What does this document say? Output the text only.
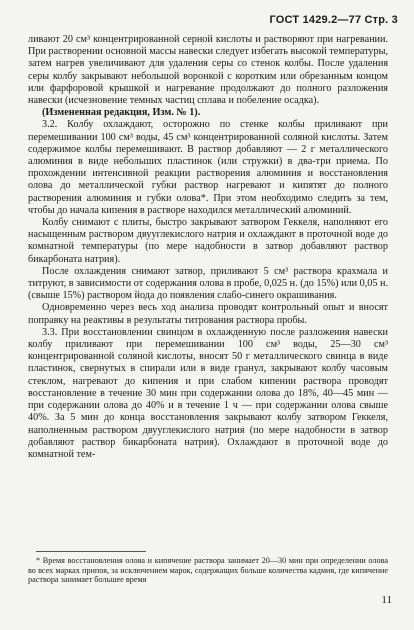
ГОСТ 1429.2—77 Стр. 3

ливают 20 см³ концентрированной серной кислоты и растворяют при нагревании. При растворении основной массы навески следует избегать высокой температуры, затем нагрев увеличивают для удаления серы со стенок колбы. После удаления серы колбу закрывают небольшой воронкой с коротким или обрезанным концом или фарфоровой крышкой и нагревание продолжают до полного разложения навески (исчезновение темных частиц сплава и побеление осадка).

(Измененная редакция, Изм. № 1).

3.2. Колбу охлаждают, осторожно по стенке колбы приливают при перемешивании 100 см³ воды, 45 см³ концентрированной соляной кислоты. Затем содержимое колбы перемешивают. В раствор добавляют — 2 г металлического алюминия в виде небольших пластинок (или стружки) в два-три приема. По прохождении интенсивной реакции растворения алюминия и восстановления олова до металлической губки раствор нагревают и кипятят до полного растворения алюминия и губки олова*. При этом необходимо следить за тем, чтобы до начала кипения в растворе находился металлический алюминий.

Колбу снимают с плиты, быстро закрывают затвором Геккеля, наполняют его насыщенным раствором двууглекислого натрия и охлаждают в проточной воде до комнатной температуры (по мере надобности в затвор добавляют раствор бикарбоната натрия).

После охлаждения снимают затвор, приливают 5 см³ раствора крахмала и титруют, в зависимости от содержания олова в пробе, 0,025 н. (до 15%) или 0,05 н. (свыше 15%) раствором йода до появления слабо-синего окрашивания.

Одновременно через весь ход анализа проводят контрольный опыт и вносят поправку на реактивы в результаты титрования раствора пробы.

3.3. При восстановлении свинцом в охлажденную после разложения навески колбу приливают при перемешивании 100 см³ воды, 25—30 см³ концентрированной соляной кислоты, вносят 50 г металлического свинца в виде пластинок, свернутых в спирали или в виде гранул, закрывают колбу часовым стеклом, нагревают до кипения и при слабом кипении раствора проводят восстановление в течение 30 мин при содержании олова до 18%, 40—45 мин — при содержании олова до 40% и в течение 1 ч — при содержании олова свыше 40%. За 5 мин до конца восстановления закрывают колбу затвором Геккеля, наполненным раствором двууглекислого натрия (по мере надобности в затвор добавляют раствор бикарбоната натрия). Охлаждают в проточной воде до комнатной тем-

* Время восстановления олова и кипячение раствора занимает 20—30 мин при определении олова во всех марках припоя, за исключением марок, содержащих больше количества кадмия, где кипячение раствора занимает большее время

11
